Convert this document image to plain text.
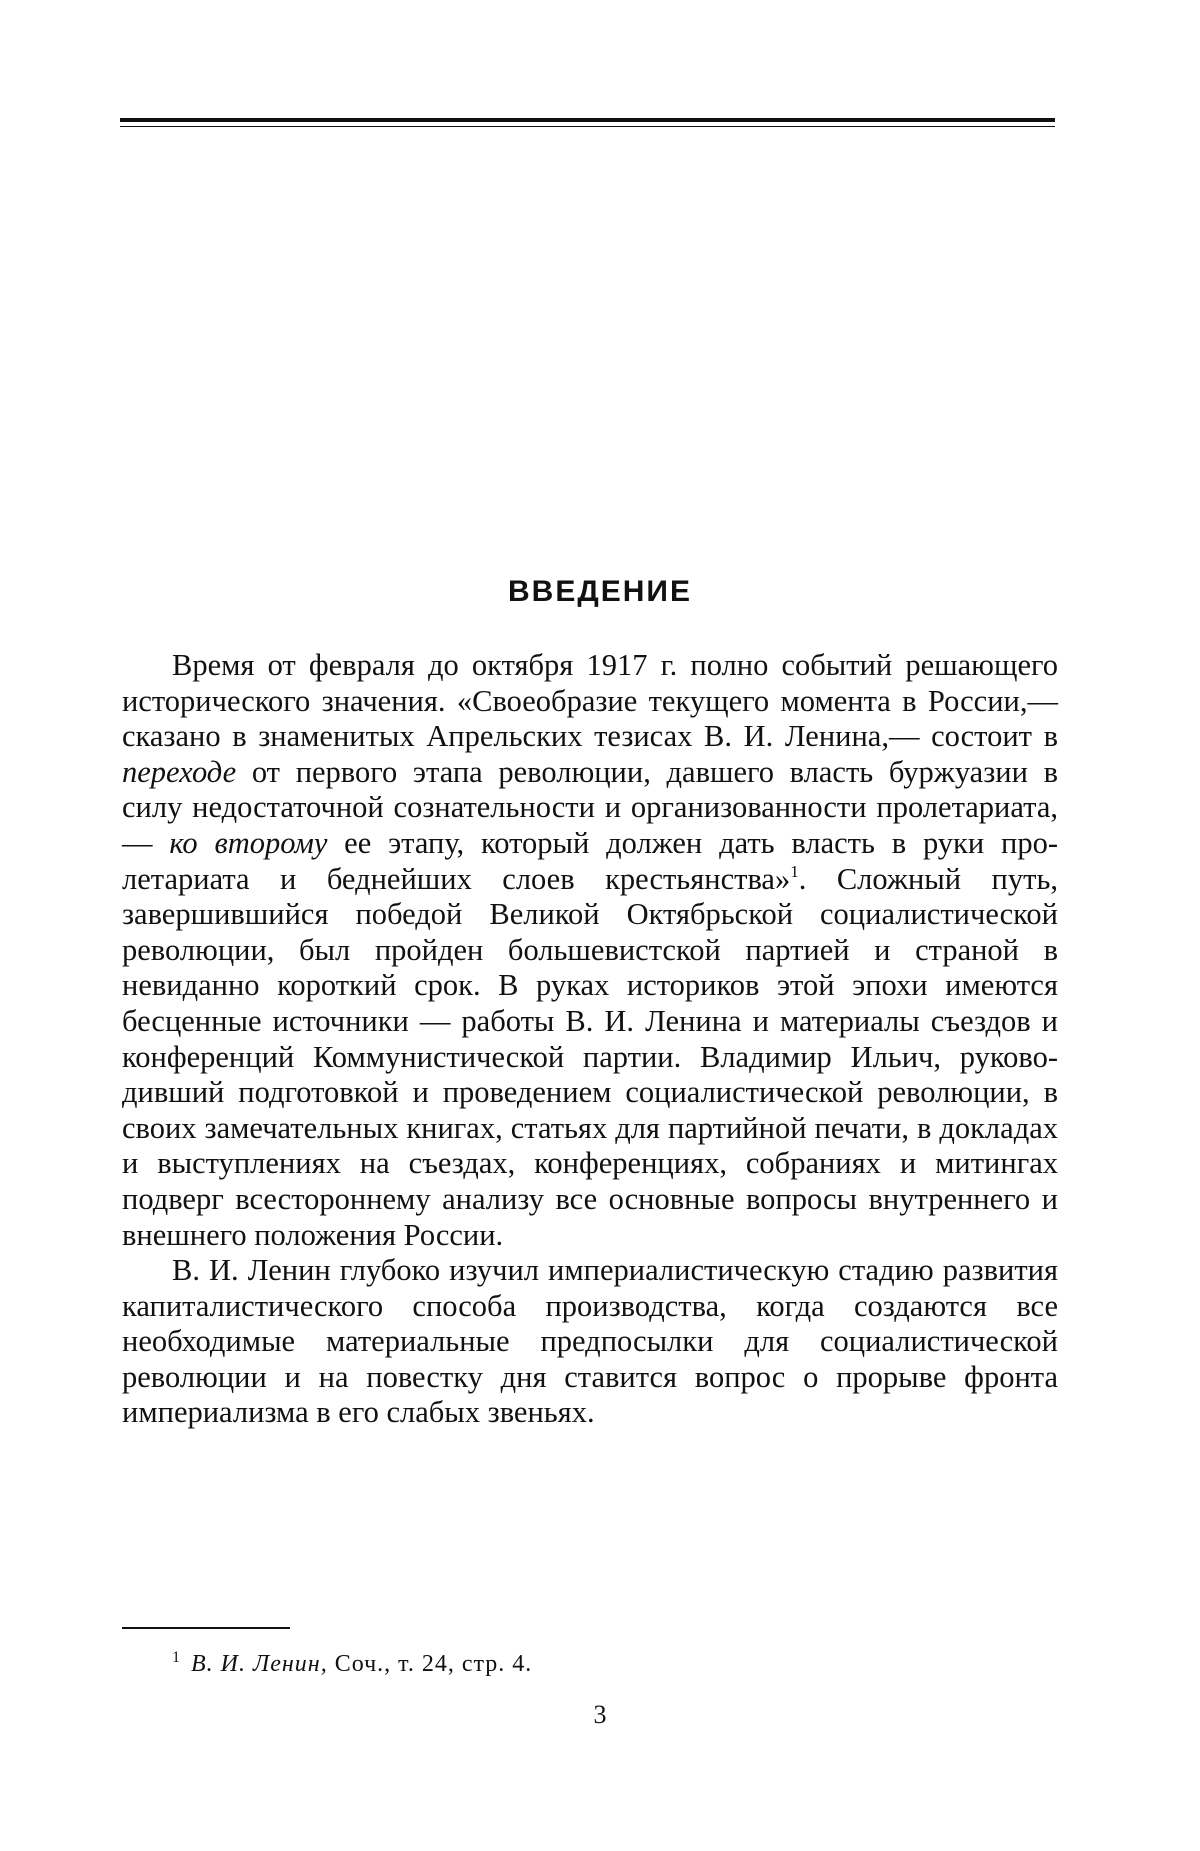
ВВЕДЕНИЕ

Время от февраля до октября 1917 г. полно событий решающего исторического значения. «Своеобразие текущего момента в России,— сказано в знаменитых Апрельских тезисах В. И. Ленина,— состоит в переходе от первого этапа революции, давшего власть буржуазии в силу недостаточной сознательности и организованности пролетариата,— ко второму ее этапу, который должен дать власть в руки пролетариата и беднейших слоев крестьянства»$^1$. Сложный путь, завершившийся победой Великой Октябрьской социалистической революции, был пройден большевистской партией и страной в невиданно короткий срок. В руках историков этой эпохи имеются бесценные источники — работы В. И. Ленина и материалы съездов и конференций Коммунистической партии. Владимир Ильич, руководивший подготовкой и проведением социалистической революции, в своих замечательных книгах, статьях для партийной печати, в докладах и выступлениях на съездах, конференциях, собраниях и митингах подверг всестороннему анализу все основные вопросы внутреннего и внешнего положения России.

В. И. Ленин глубоко изучил империалистическую стадию развития капиталистического способа производства, когда создаются все необходимые материальные предпосылки для социалистической революции и на повестку дня ставится вопрос о прорыве фронта империализма в его слабых звеньях.

$^1$ В. И. Ленин, Соч., т. 24, стр. 4.
3
